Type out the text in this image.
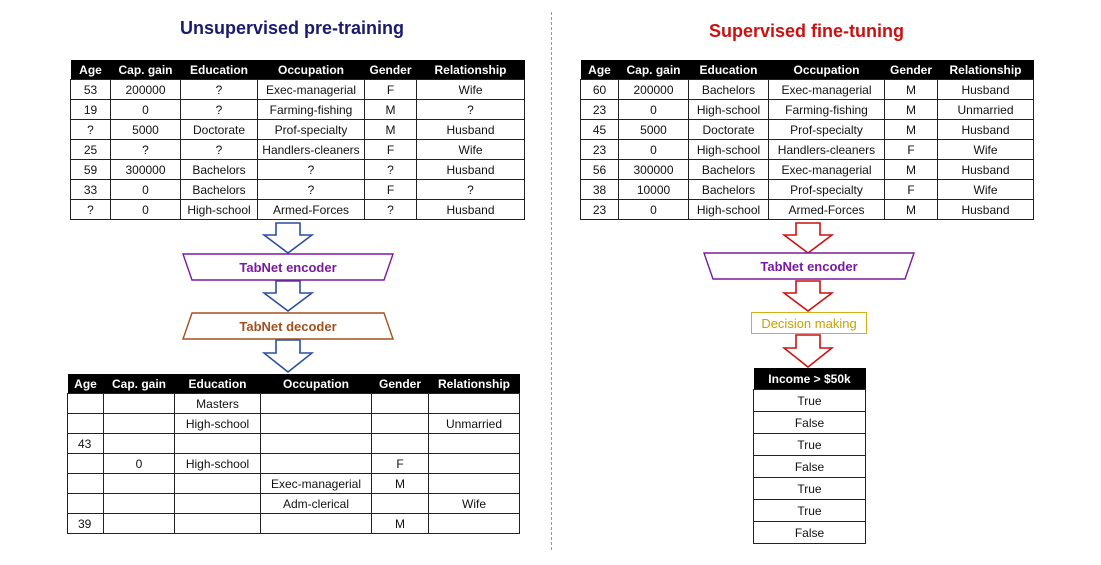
Unsupervised pre-training	Supervised fine-tuning
Age	Cap. gain	Education	Occupation	Gender	Relationship
53	200000	?	Exec-managerial	F	Wife
19	0	?	Farming-fishing	M	?
?	5000	Doctorate	Prof-specialty	M	Husband
25	?	?	Handlers-cleaners	F	Wife
59	300000	Bachelors	?	?	Husband
33	0	Bachelors	?	F	?
?	0	High-school	Armed-Forces	?	Husband
Age	Cap. gain	Education	Occupation	Gender	Relationship
60	200000	Bachelors	Exec-managerial	M	Husband
23	0	High-school	Farming-fishing	M	Unmarried
45	5000	Doctorate	Prof-specialty	M	Husband
23	0	High-school	Handlers-cleaners	F	Wife
56	300000	Bachelors	Exec-managerial	M	Husband
38	10000	Bachelors	Prof-specialty	F	Wife
23	0	High-school	Armed-Forces	M	Husband
TabNet encoder
TabNet decoder
Age	Cap. gain	Education	Occupation	Gender	Relationship
		Masters			
		High-school			Unmarried
43					
	0	High-school		F	
			Exec-managerial	M	
			Adm-clerical		Wife
39				M	
TabNet encoder
Decision making
Income > $50k
True
False
True
False
True
True
False
